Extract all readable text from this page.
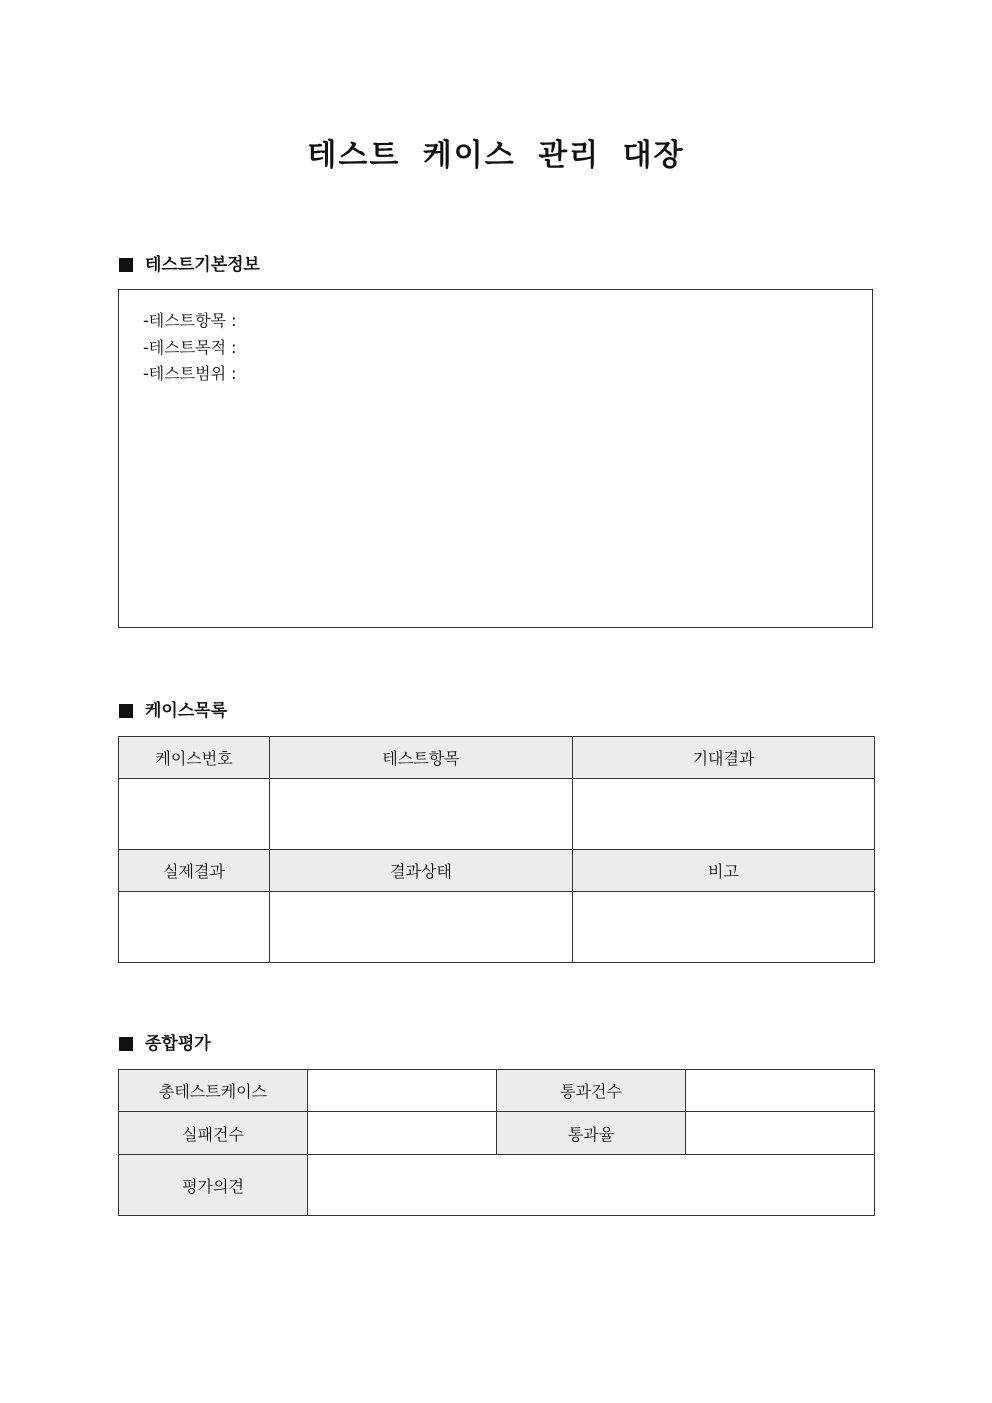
테스트 케이스 관리 대장
테스트기본정보
-테스트항목 :
-테스트목적 :
-테스트범위 :
케이스목록
케이스번호	테스트항목	기대결과

실제결과	결과상태	비고

종합평가
총테스트케이스		통과건수	
실패건수		통과율	
평가의견			
